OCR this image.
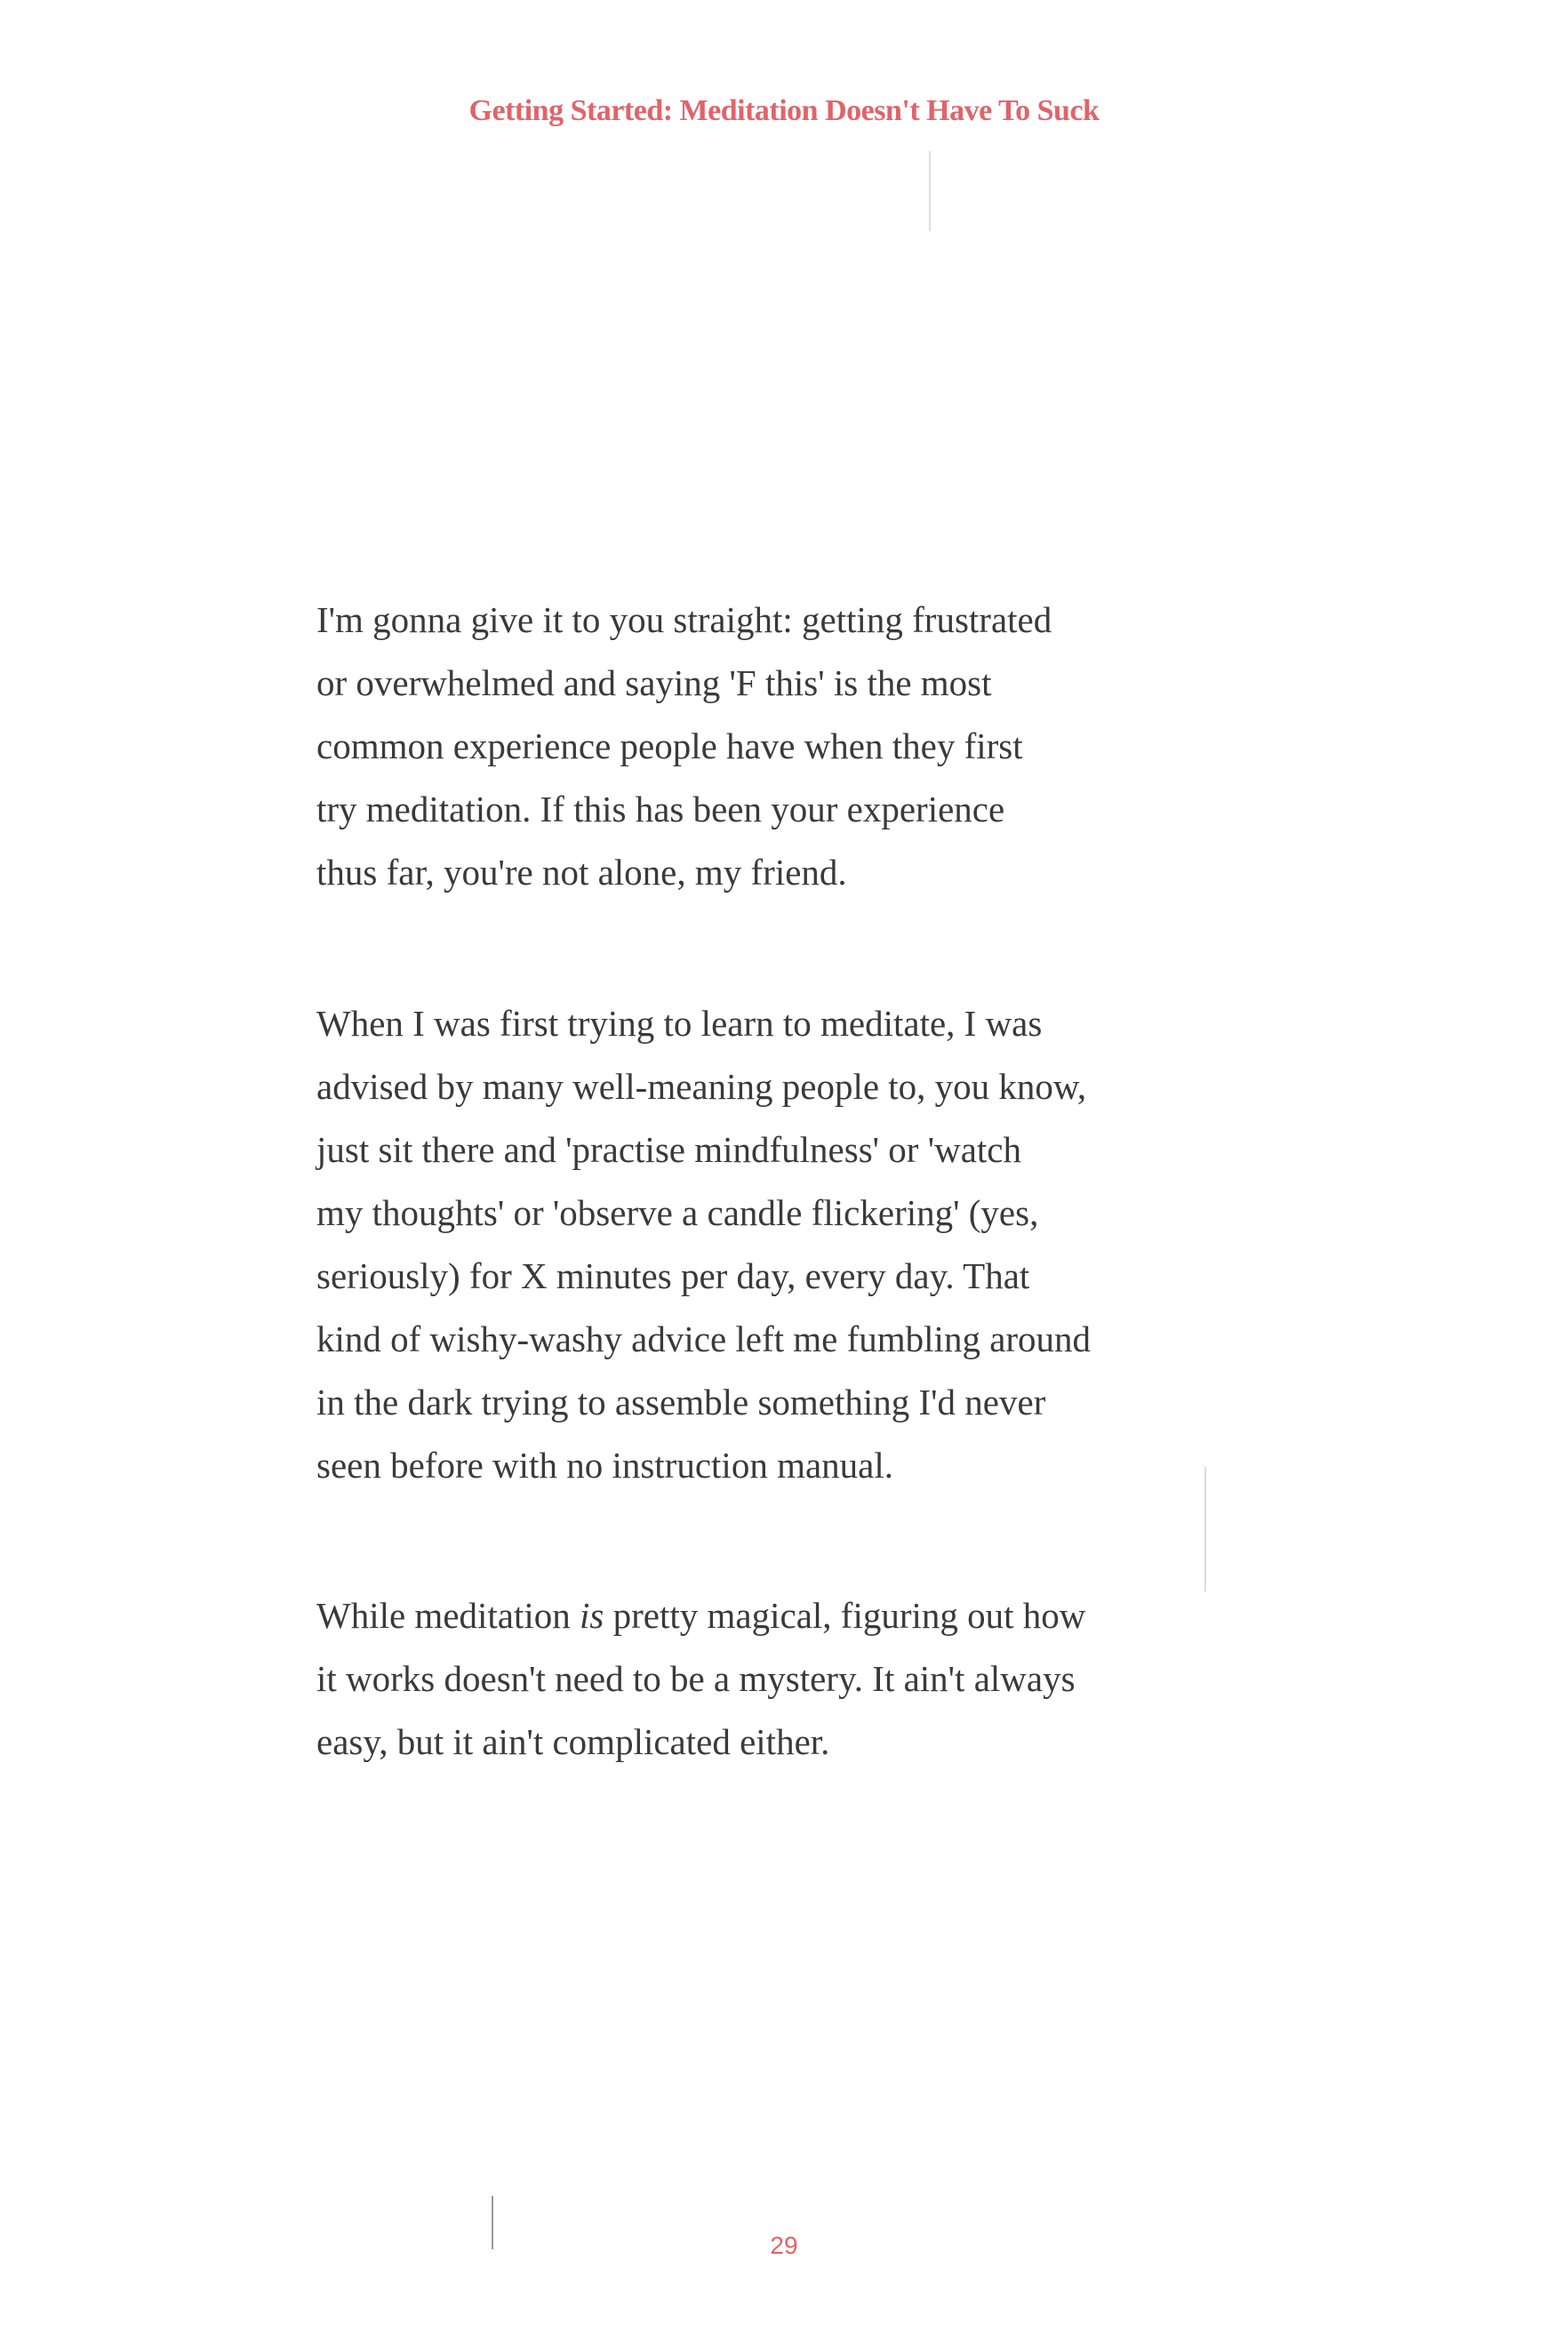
Getting Started: Meditation Doesn't Have To Suck
I'm gonna give it to you straight: getting frustrated
or overwhelmed and saying 'F this' is the most
common experience people have when they first
try meditation. If this has been your experience
thus far, you're not alone, my friend.
When I was first trying to learn to meditate, I was
advised by many well-meaning people to, you know,
just sit there and 'practise mindfulness' or 'watch
my thoughts' or 'observe a candle flickering' (yes,
seriously) for X minutes per day, every day. That
kind of wishy-washy advice left me fumbling around
in the dark trying to assemble something I'd never
seen before with no instruction manual.
While meditation is pretty magical, figuring out how
it works doesn't need to be a mystery. It ain't always
easy, but it ain't complicated either.
29
